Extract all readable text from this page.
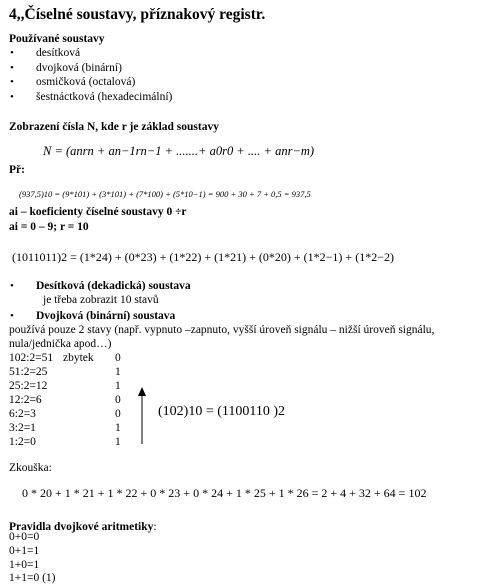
4,,Číselné soustavy, příznakový registr.
Používané soustavy
• desítková
• dvojková (binární)
• osmičková (octalová)
• šestnáctková (hexadecimální)
Zobrazení čísla N, kde r je základ soustavy
N = (anrn + an−1rn−1 + .......+ a0r0 + .... + anr−m)
Př:
(937,5)10 = (9*101) + (3*101) + (7*100) + (5*10−1) = 900 + 30 + 7 + 0,5 = 937,5
ai – koeficienty číselné soustavy 0 ÷r
ai = 0 – 9; r = 10
(1011011)2 = (1*24) + (0*23) + (1*22) + (1*21) + (0*20) + (1*2−1) + (1*2−2)
• Desítková (dekadická) soustava
je třeba zobrazit 10 stavů
• Dvojková (binární) soustava
používá pouze 2 stavy (např. vypnuto –zapnuto, vyšší úroveň signálu – nižší úroveň signálu,
nula/jednička apod…)
102:2=51 zbytek 0
51:2=25	1
25:2=12	1
12:2=6	0
6:2=3	0
3:2=1	1
1:2=0	1
(102)10 = (1100110 )2
Zkouška:
0 * 20 + 1 * 21 + 1 * 22 + 0 * 23 + 0 * 24 + 1 * 25 + 1 * 26 = 2 + 4 + 32 + 64 = 102
Pravidla dvojkové aritmetiky:
0+0=0
0+1=1
1+0=1
1+1=0 (1)
